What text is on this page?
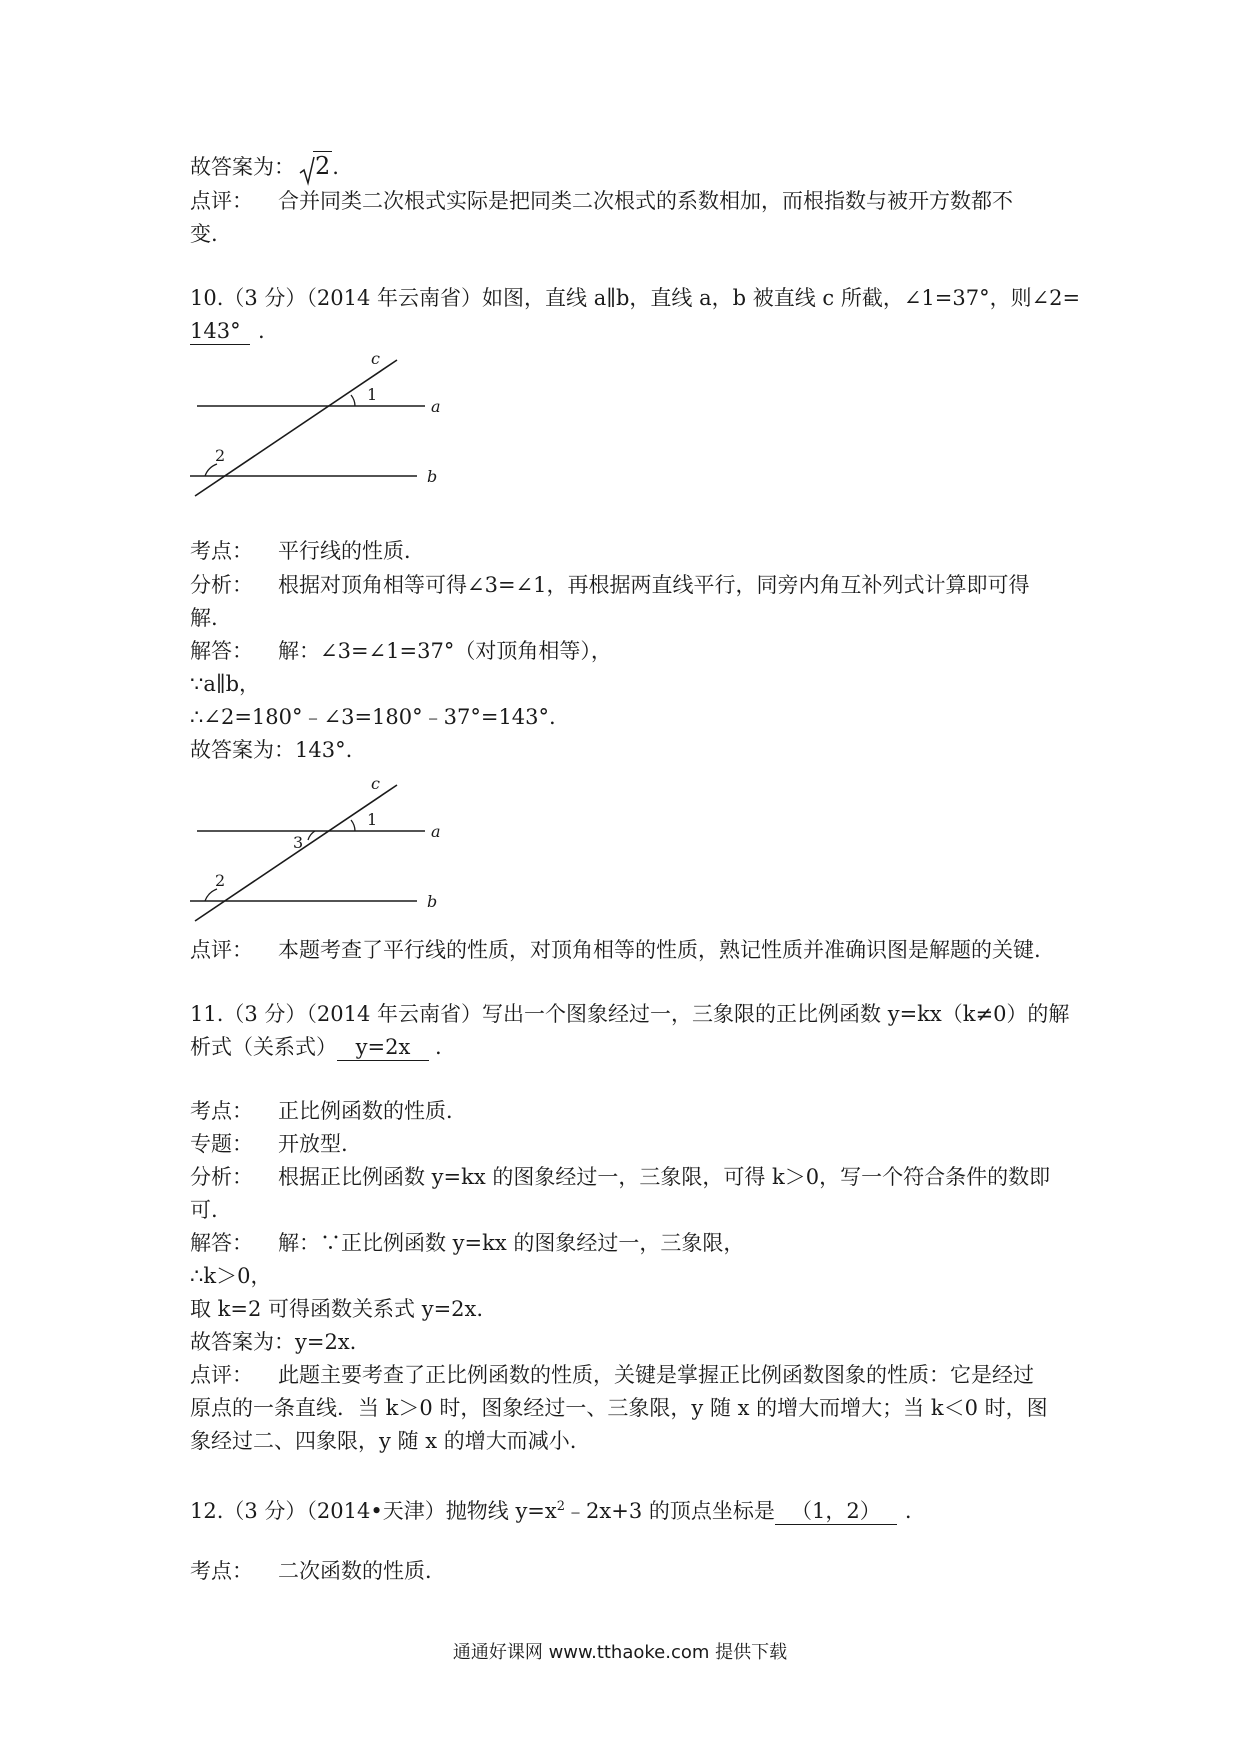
故答案为： 2.
点评： 合并同类二次根式实际是把同类二次根式的系数相加，而根指数与被开方数都不
变.
10.（3 分）（2014 年云南省）如图，直线 a∥b，直线 a，b 被直线 c 所截，∠1=37°，则∠2=
143° .
c
1
a
2
b
考点： 平行线的性质．
分析： 根据对顶角相等可得∠3=∠1，再根据两直线平行，同旁内角互补列式计算即可得
解.
解答： 解：∠3=∠1=37°（对顶角相等），
∵a∥b，
∴∠2=180°﹣∠3=180°﹣37°=143°.
故答案为：143°.
c
1
3
a
2
b
点评： 本题考查了平行线的性质，对顶角相等的性质，熟记性质并准确识图是解题的关键.
11.（3 分）（2014 年云南省）写出一个图象经过一，三象限的正比例函数 y=kx（k≠0）的解
析式（关系式） y=2x .
考点： 正比例函数的性质．
专题： 开放型.
分析： 根据正比例函数 y=kx 的图象经过一，三象限，可得 k＞0，写一个符合条件的数即
可.
解答： 解：∵正比例函数 y=kx 的图象经过一，三象限，
∴k＞0，
取 k=2 可得函数关系式 y=2x.
故答案为：y=2x.
点评： 此题主要考查了正比例函数的性质，关键是掌握正比例函数图象的性质：它是经过
原点的一条直线．当 k＞0 时，图象经过一、三象限，y 随 x 的增大而增大；当 k＜0 时，图
象经过二、四象限，y 随 x 的增大而减小.
12.（3 分）（2014•天津）抛物线 $y=x^2﹣2x+3$ 的顶点坐标是 （1，2） .
考点： 二次函数的性质．
通通好课网 www.tthaoke.com 提供下载
